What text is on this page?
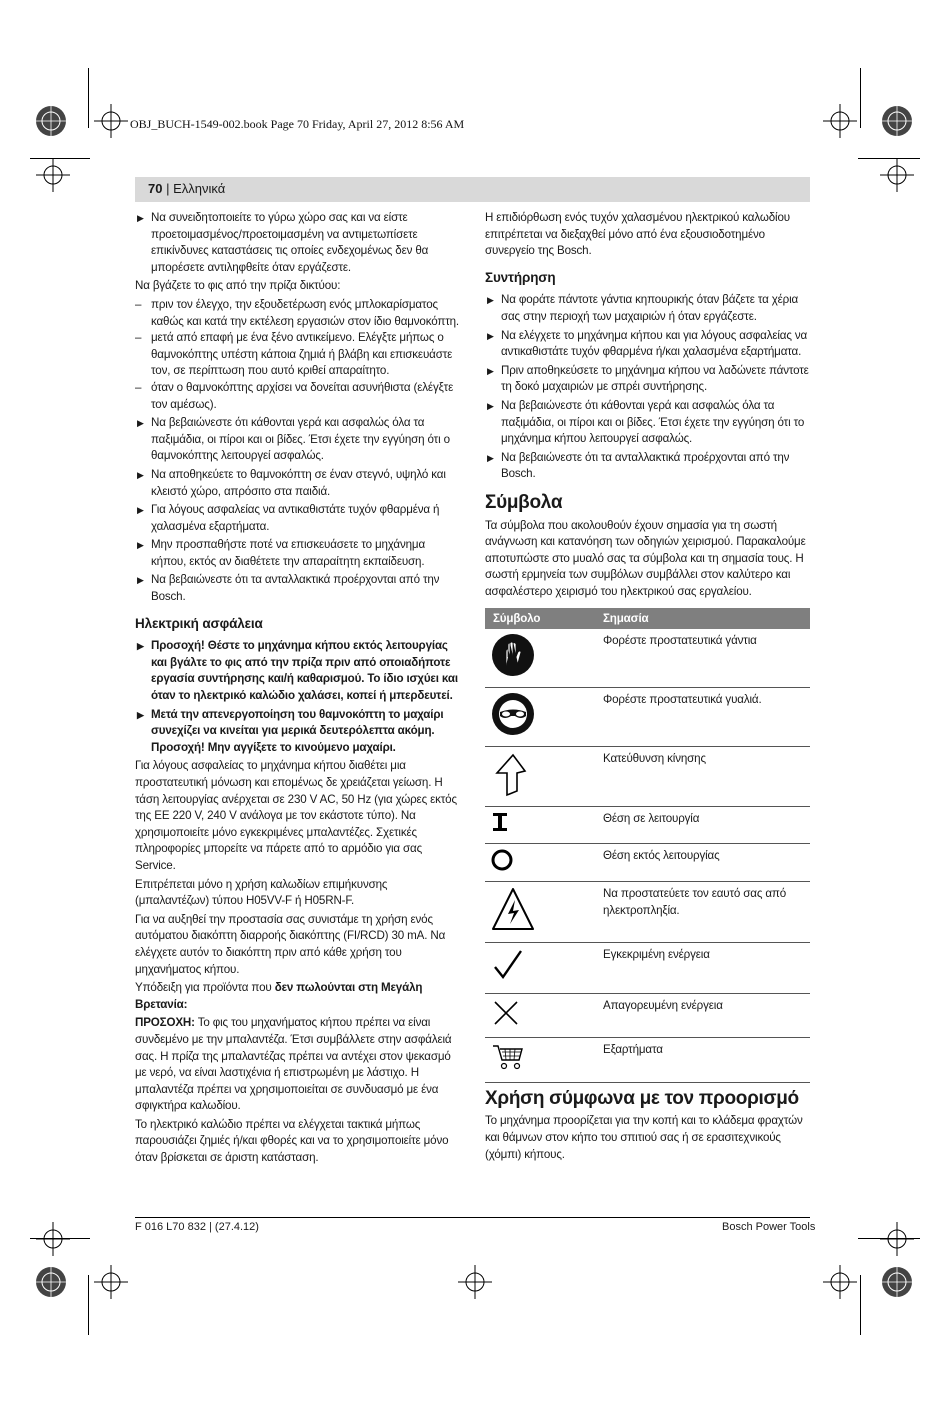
OBJ_BUCH-1549-002.book Page 70 Friday, April 27, 2012 8:56 AM
70 | Ελληνικά
▶ Να συνειδητοποιείτε το γύρω χώρο σας και να είστε προετοιμασμένος/προετοιμασμένη να αντιμετωπίσετε επικίνδυνες καταστάσεις τις οποίες ενδεχομένως δεν θα μπορέσετε αντιληφθείτε όταν εργάζεστε.

Να βγάζετε το φις από την πρίζα δικτύου:

– πριν τον έλεγχο, την εξουδετέρωση ενός μπλοκαρίσματος καθώς και κατά την εκτέλεση εργασιών στον ίδιο θαμνοκόπτη.
– μετά από επαφή με ένα ξένο αντικείμενο. Ελέγξτε μήπως ο θαμνοκόπτης υπέστη κάποια ζημιά ή βλάβη και επισκευάστε τον, σε περίπτωση που αυτό κριθεί απαραίτητο.
– όταν ο θαμνοκόπτης αρχίσει να δονείται ασυνήθιστα (ελέγξτε τον αμέσως).
▶ Να βεβαιώνεστε ότι κάθονται γερά και ασφαλώς όλα τα παξιμάδια, οι πίροι και οι βίδες. Έτσι έχετε την εγγύηση ότι ο θαμνοκόπτης λειτουργεί ασφαλώς.
▶ Να αποθηκεύετε το θαμνοκόπτη σε έναν στεγνό, υψηλό και κλειστό χώρο, απρόσιτο στα παιδιά.
▶ Για λόγους ασφαλείας να αντικαθιστάτε τυχόν φθαρμένα ή χαλασμένα εξαρτήματα.
▶ Μην προσπαθήστε ποτέ να επισκευάσετε το μηχάνημα κήπου, εκτός αν διαθέτετε την απαραίτητη εκπαίδευση.
▶ Να βεβαιώνεστε ότι τα ανταλλακτικά προέρχονται από την Bosch.
Ηλεκτρική ασφάλεια
▶ Προσοχή! Θέστε το μηχάνημα κήπου εκτός λειτουργίας και βγάλτε το φις από την πρίζα πριν από οποιαδήποτε εργασία συντήρησης και/ή καθαρισμού. Το ίδιο ισχύει και όταν το ηλεκτρικό καλώδιο χαλάσει, κοπεί ή μπερδευτεί.
▶ Μετά την απενεργοποίηση του θαμνοκόπτη το μαχαίρι συνεχίζει να κινείται για μερικά δευτερόλεπτα ακόμη. Προσοχή! Μην αγγίξετε το κινούμενο μαχαίρι.

Για λόγους ασφαλείας το μηχάνημα κήπου διαθέτει μια προστατευτική μόνωση και επομένως δε χρειάζεται γείωση. Η τάση λειτουργίας ανέρχεται σε 230 V AC, 50 Hz (για χώρες εκτός της ΕΕ 220 V, 240 V ανάλογα με τον εκάστοτε τύπο). Να χρησιμοποιείτε μόνο εγκεκριμένες μπαλαντέζες. Σχετικές πληροφορίες μπορείτε να πάρετε από το αρμόδιο για σας Service.

Επιτρέπεται μόνο η χρήση καλωδίων επιμήκυνσης (μπαλαντέζων) τύπου H05VV-F ή H05RN-F.

Για να αυξηθεί την προστασία σας συνιστάμε τη χρήση ενός αυτόματου διακόπτη διαρροής διακόπτης (FI/RCD) 30 mA. Να ελέγχετε αυτόν το διακόπτη πριν από κάθε χρήση του μηχανήματος κήπου.

Υπόδειξη για προϊόντα που δεν πωλούνται στη Μεγάλη Βρετανία:

ΠΡΟΣΟΧΗ: Το φις του μηχανήματος κήπου πρέπει να είναι συνδεμένο με την μπαλαντέζα. Έτσι συμβάλλετε στην ασφάλειά σας. Η πρίζα της μπαλαντέζας πρέπει να αντέχει στον ψεκασμό με νερό, να είναι λαστιχένια ή επιστρωμένη με λάστιχο. Η μπαλαντέζα πρέπει να χρησιμοποιείται σε συνδυασμό με ένα σφιγκτήρα καλωδίου.

Το ηλεκτρικό καλώδιο πρέπει να ελέγχεται τακτικά μήπως παρουσιάζει ζημιές ή/και φθορές και να το χρησιμοποιείτε μόνο όταν βρίσκεται σε άριστη κατάσταση.

Η επιδιόρθωση ενός τυχόν χαλασμένου ηλεκτρικού καλωδίου επιτρέπεται να διεξαχθεί μόνο από ένα εξουσιοδοτημένο συνεργείο της Bosch.

Συντήρηση
▶ Να φοράτε πάντοτε γάντια κηπουρικής όταν βάζετε τα χέρια σας στην περιοχή των μαχαιριών ή όταν εργάζεστε.
▶ Να ελέγχετε το μηχάνημα κήπου και για λόγους ασφαλείας να αντικαθιστάτε τυχόν φθαρμένα ή/και χαλασμένα εξαρτήματα.
▶ Πριν αποθηκεύσετε το μηχάνημα κήπου να λαδώνετε πάντοτε τη δοκό μαχαιριών με σπρέι συντήρησης.
▶ Να βεβαιώνεστε ότι κάθονται γερά και ασφαλώς όλα τα παξιμάδια, οι πίροι και οι βίδες. Έτσι έχετε την εγγύηση ότι το μηχάνημα κήπου λειτουργεί ασφαλώς.
▶ Να βεβαιώνεστε ότι τα ανταλλακτικά προέρχονται από την Bosch.
Σύμβολα

Τα σύμβολα που ακολουθούν έχουν σημασία για τη σωστή ανάγνωση και κατανόηση των οδηγιών χειρισμού. Παρακαλούμε αποτυπώστε στο μυαλό σας τα σύμβολα και τη σημασία τους. Η σωστή ερμηνεία των συμβόλων συμβάλλει στον καλύτερο και ασφαλέστερο χειρισμό του ηλεκτρικού σας εργαλείου.

Σύμβολο	Σημασία
	Φορέστε προστατευτικά γάντια
	Φορέστε προστατευτικά γυαλιά.
	Κατεύθυνση κίνησης
	Θέση σε λειτουργία
	Θέση εκτός λειτουργίας
	Να προστατεύετε τον εαυτό σας από ηλεκτροπληξία.
	Εγκεκριμένη ενέργεια
	Απαγορευμένη ενέργεια
	Εξαρτήματα
Χρήση σύμφωνα με τον προορισμό

Το μηχάνημα προορίζεται για την κοπή και το κλάδεμα φραχτών και θάμνων στον κήπο του σπιτιού σας ή σε ερασιτεχνικούς (χόμπι) κήπους.

F 016 L70 832 | (27.4.12)	Bosch Power Tools
